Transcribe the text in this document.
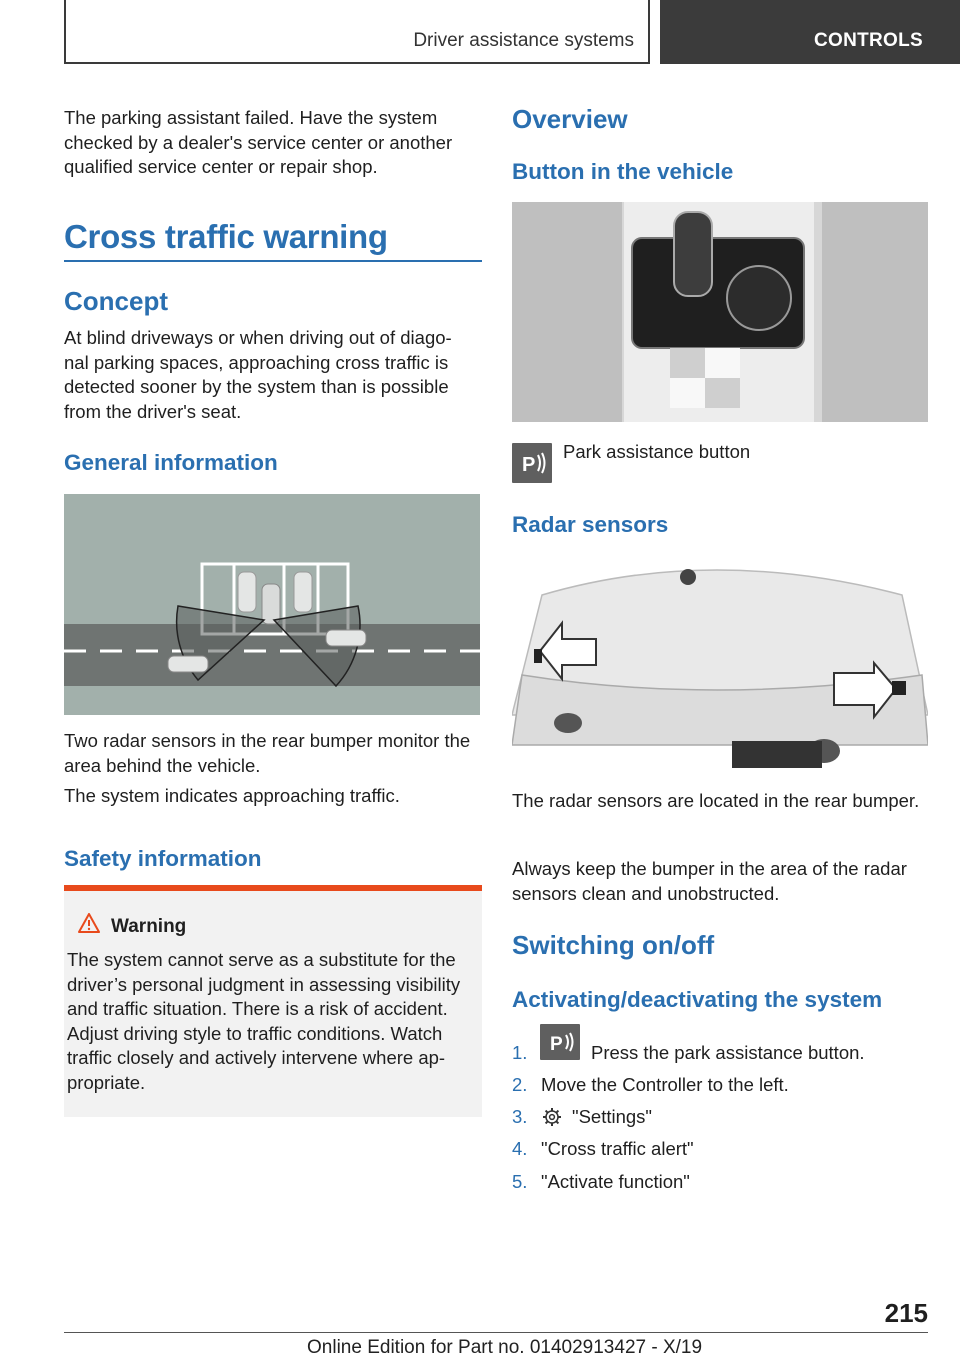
Driver assistance systems	CONTROLS

The parking assistant failed. Have the system checked by a dealer's service center or another qualified service center or repair shop.

Cross traffic warning
Concept

At blind driveways or when driving out of diago-nal parking spaces, approaching cross traffic is detected sooner by the system than is possible from the driver's seat.

General information

Two radar sensors in the rear bumper monitor the area behind the vehicle.

The system indicates approaching traffic.

Safety information
Warning

The system cannot serve as a substitute for the driver’s personal judgment in assessing visibility and traffic situation. There is a risk of accident. Adjust driving style to traffic conditions. Watch traffic closely and actively intervene where ap-propriate.

Overview
Button in the vehicle
P
Park assistance button
Radar sensors

The radar sensors are located in the rear bumper.

Always keep the bumper in the area of the radar sensors clean and unobstructed.

Switching on/off
Activating/deactivating the system
1. P Press the park assistance button.
2. Move the Controller to the left.
3. "Settings"
4. "Cross traffic alert"
5. "Activate function"
215
Online Edition for Part no. 01402913427 - X/19
